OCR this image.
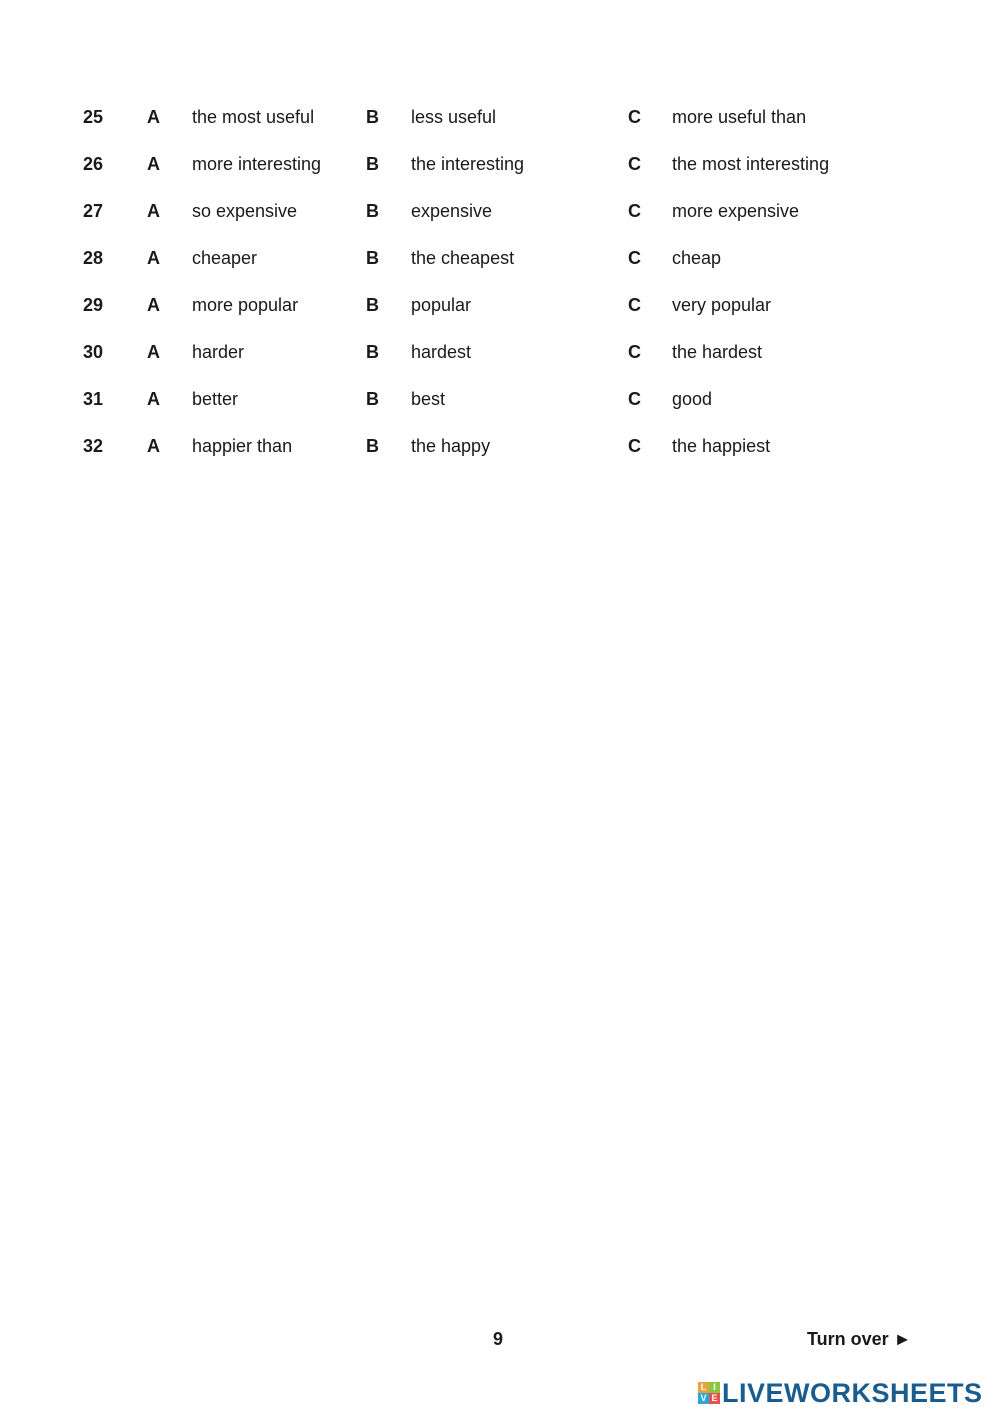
25 A the most useful	B less useful	C more useful than
26 A more interesting B the interesting	C the most interesting
27 A so expensive	B expensive	C more expensive
28 A cheaper	B the cheapest	C cheap
29 A more popular	B popular	C very popular
30 A harder	B hardest	C the hardest
31 A better	B best	C good
32 A happier than	B the happy	C the happiest
9	Turn over ►
L I
V E LIVEWORKSHEETS
